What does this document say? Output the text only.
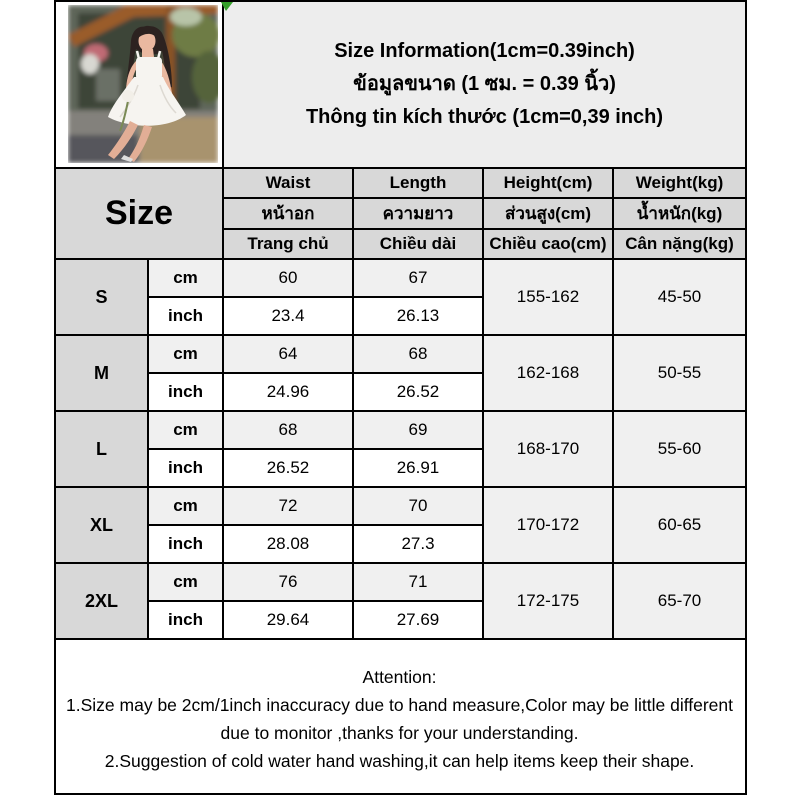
Size Information(1cm=0.39inch)
ข้อมูลขนาด (1 ซม. = 0.39 นิ้ว)
Thông tin kích thước (1cm=0,39 inch)			

Size		Waist	Length	Height(cm)	Weight(kg)
		หน้าอก	ความยาว	ส่วนสูง(cm)	น้ำหนัก(kg)
		Trang chủ	Chiều dài	Chiều cao(cm)	Cân nặng(kg)
S	cm	60	67	155-162	45-50
	inch	23.4	26.13		
M	cm	64	68	162-168	50-55
	inch	24.96	26.52		
L	cm	68	69	168-170	55-60
	inch	26.52	26.91		
XL	cm	72	70	170-172	60-65
	inch	28.08	27.3		
2XL	cm	76	71	172-175	65-70
	inch	29.64	27.69		

Attention:

1.Size may be 2cm/1inch inaccuracy due to hand measure,Color may be little different due to monitor ,thanks for your understanding.

2.Suggestion of cold water hand washing,it can help items keep their shape.					
